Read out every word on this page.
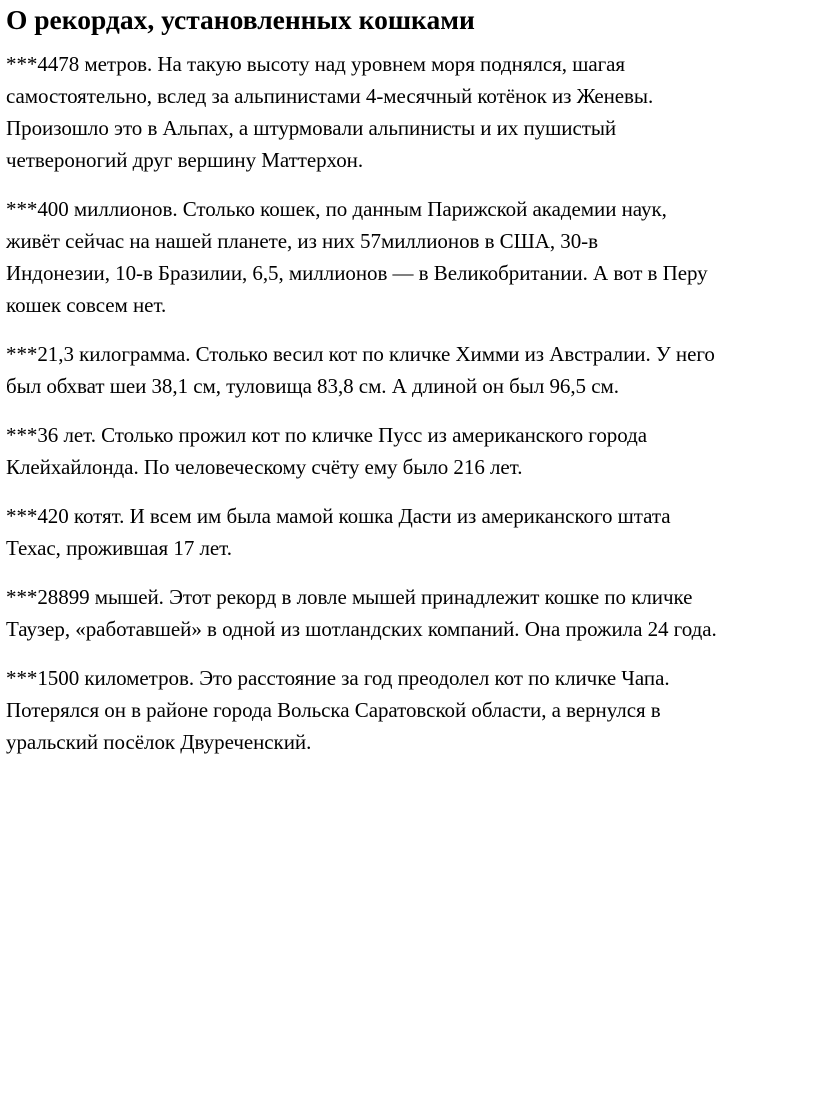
О рекордах, установленных кошками

***4478 метров. На такую высоту над уровнем моря поднялся, шагая
самостоятельно, вслед за альпинистами 4-месячный котёнок из Женевы.
Произошло это в Альпах, а штурмовали альпинисты и их пушистый
четвероногий друг вершину Маттерхон.

***400 миллионов. Столько кошек, по данным Парижской академии наук,
живёт сейчас на нашей планете, из них 57миллионов в США, 30-в
Индонезии, 10-в Бразилии, 6,5, миллионов — в Великобритании. А вот в Перу
кошек совсем нет.

***21,3 килограмма. Столько весил кот по кличке Химми из Австралии. У него
был обхват шеи 38,1 см, туловища 83,8 см. А длиной он был 96,5 см.

***36 лет. Столько прожил кот по кличке Пусс из американского города
Клейхайлонда. По человеческому счёту ему было 216 лет.

***420 котят. И всем им была мамой кошка Дасти из американского штата
Техас, прожившая 17 лет.

***28899 мышей. Этот рекорд в ловле мышей принадлежит кошке по кличке
Таузер, «работавшей» в одной из шотландских компаний. Она прожила 24 года.

***1500 километров. Это расстояние за год преодолел кот по кличке Чапа.
Потерялся он в районе города Вольска Саратовской области, а вернулся в
уральский посёлок Двуреченский.
